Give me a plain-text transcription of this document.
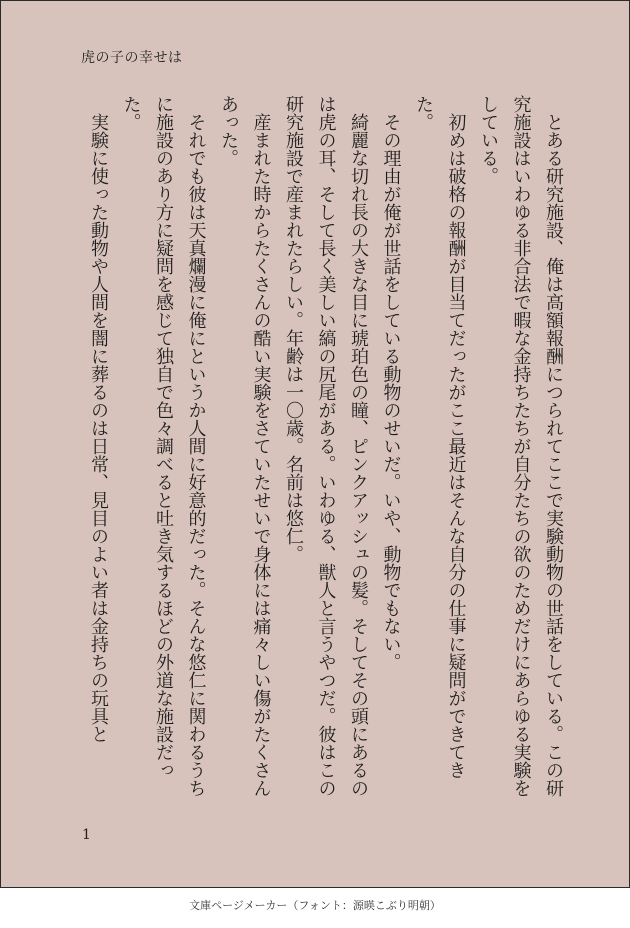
虎の子の幸せは

とある研究施設、俺は高額報酬につられてここで実験動物の世話をしている。この研究施設はいわゆる非合法で暇な金持ちたちが自分たちの欲のためだけにあらゆる実験をしている。

初めは破格の報酬が目当てだったがここ最近はそんな自分の仕事に疑問ができてきた。

その理由が俺が世話をしている動物のせいだ。いや、動物でもない。

綺麗な切れ長の大きな目に琥珀色の瞳、ピンクアッシュの髪。そしてその頭にあるのは虎の耳、そして長く美しい縞の尻尾がある。いわゆる、獣人と言うやつだ。彼はこの研究施設で産まれたらしい。年齢は一〇歳。名前は悠仁。

産まれた時からたくさんの酷い実験をさていたせいで身体には痛々しい傷がたくさんあった。

それでも彼は天真爛漫に俺にというか人間に好意的だった。そんな悠仁に関わるうちに施設のあり方に疑問を感じて独自で色々調べると吐き気するほどの外道な施設だった。

実験に使った動物や人間を闇に葬るのは日常、見目のよい者は金持ちの玩具と

1
文庫ページメーカー（フォント：源暎こぶり明朝）
